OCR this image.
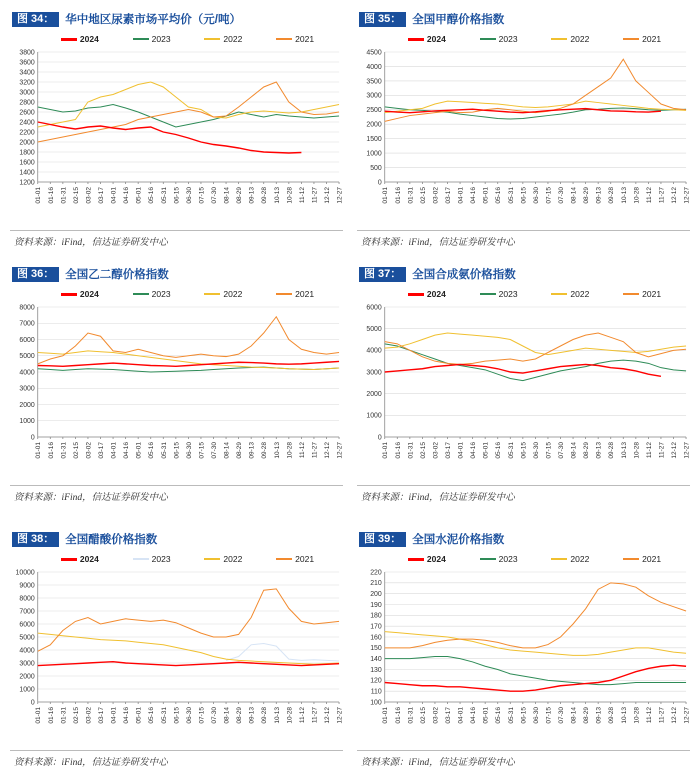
图 34： 华中地区尿素市场平均价（元/吨）
2024	2023	2022	2021
1200
1400
1600
1800
2000
2200
2400
2600
2800
3000
3200
3400
3600
3800
01-01 01-16 01-31 02-15 03-02 03-17 04-01 04-16 05-01 05-16 05-31 06-15 06-30 07-15 07-30 08-14 08-29 09-13 09-28 10-13 10-28 11-12 11-27 12-12 12-27
资料来源：iFind，信达证券研发中心
图 35： 全国甲醇价格指数
2024	2023	2022	2021
0
500
1000
1500
2000
2500
3000
3500
4000
4500
01-01 01-16 01-31 02-15 03-02 03-17 04-01 04-16 05-01 05-16 05-31 06-15 06-30 07-15 07-30 08-14 08-29 09-13 09-28 10-13 10-28 11-12 11-27 12-12 12-27
资料来源：iFind，信达证券研发中心
图 36： 全国乙二醇价格指数
2024	2023	2022	2021
0
1000
2000
3000
4000
5000
6000
7000
8000
01-01 01-16 01-31 02-15 03-02 03-17 04-01 04-16 05-01 05-16 05-31 06-15 06-30 07-15 07-30 08-14 08-29 09-13 09-28 10-13 10-28 11-12 11-27 12-12 12-27
资料来源：iFind，信达证券研发中心
图 37： 全国合成氨价格指数
2024	2023	2022	2021
0
1000
2000
3000
4000
5000
6000
01-01 01-16 01-31 02-15 03-02 03-17 04-01 04-16 05-01 05-16 05-31 06-15 06-30 07-15 07-30 08-14 08-29 09-13 09-28 10-13 10-28 11-12 11-27 12-12 12-27
资料来源：iFind，信达证券研发中心
图 38： 全国醋酸价格指数
2024	2023	2022	2021
0
1000
2000
3000
4000
5000
6000
7000
8000
9000
10000
01-01 01-16 01-31 02-15 03-02 03-17 04-01 04-16 05-01 05-16 05-31 06-15 06-30 07-15 07-30 08-14 08-29 09-13 09-28 10-13 10-28 11-12 11-27 12-12 12-27
资料来源：iFind，信达证券研发中心
图 39： 全国水泥价格指数
2024	2023	2022	2021
100
110
120
130
140
150
160
170
180
190
200
210
220
01-01 01-16 01-31 02-15 03-02 03-17 04-01 04-16 05-01 05-16 05-31 06-15 06-30 07-15 07-30 08-14 08-29 09-13 09-28 10-13 10-28 11-12 11-27 12-12 12-27
资料来源：iFind，信达证券研发中心
